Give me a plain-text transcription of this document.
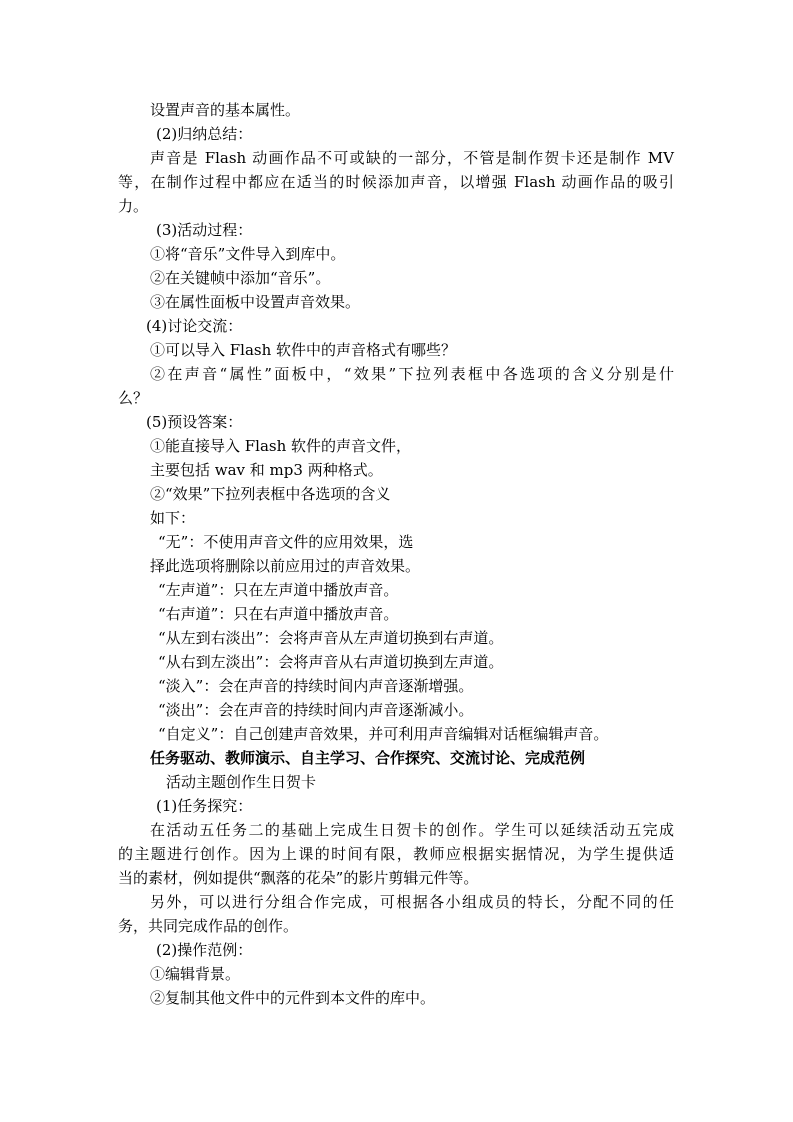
设置声音的基本属性。
(2)归纳总结：
声音是 Flash 动画作品不可或缺的一部分，不管是制作贺卡还是制作 MV
等，在制作过程中都应在适当的时候添加声音，以增强 Flash 动画作品的吸引
力。
(3)活动过程：
①将“音乐”文件导入到库中。
②在关键帧中添加“音乐”。
③在属性面板中设置声音效果。
(4)讨论交流：
①可以导入 Flash 软件中的声音格式有哪些？
②在声音“属性”面板中，“效果”下拉列表框中各选项的含义分别是什
么？
(5)预设答案：
①能直接导入 Flash 软件的声音文件，
主要包括 wav 和 mp3 两种格式。
②“效果”下拉列表框中各选项的含义
如下：
“无”：不使用声音文件的应用效果，选
择此选项将删除以前应用过的声音效果。
“左声道”：只在左声道中播放声音。
“右声道”：只在右声道中播放声音。
“从左到右淡出”：会将声音从左声道切换到右声道。
“从右到左淡出”：会将声音从右声道切换到左声道。
“淡入”：会在声音的持续时间内声音逐渐增强。
“淡出”：会在声音的持续时间内声音逐渐减小。
“自定义”：自己创建声音效果，并可利用声音编辑对话框编辑声音。
任务驱动、教师演示、自主学习、合作探究、交流讨论、完成范例
活动主题创作生日贺卡
(1)任务探究：
在活动五任务二的基础上完成生日贺卡的创作。学生可以延续活动五完成
的主题进行创作。因为上课的时间有限，教师应根据实据情况，为学生提供适
当的素材，例如提供“飘落的花朵”的影片剪辑元件等。
另外，可以进行分组合作完成，可根据各小组成员的特长，分配不同的任
务，共同完成作品的创作。
(2)操作范例：
①编辑背景。
②复制其他文件中的元件到本文件的库中。
